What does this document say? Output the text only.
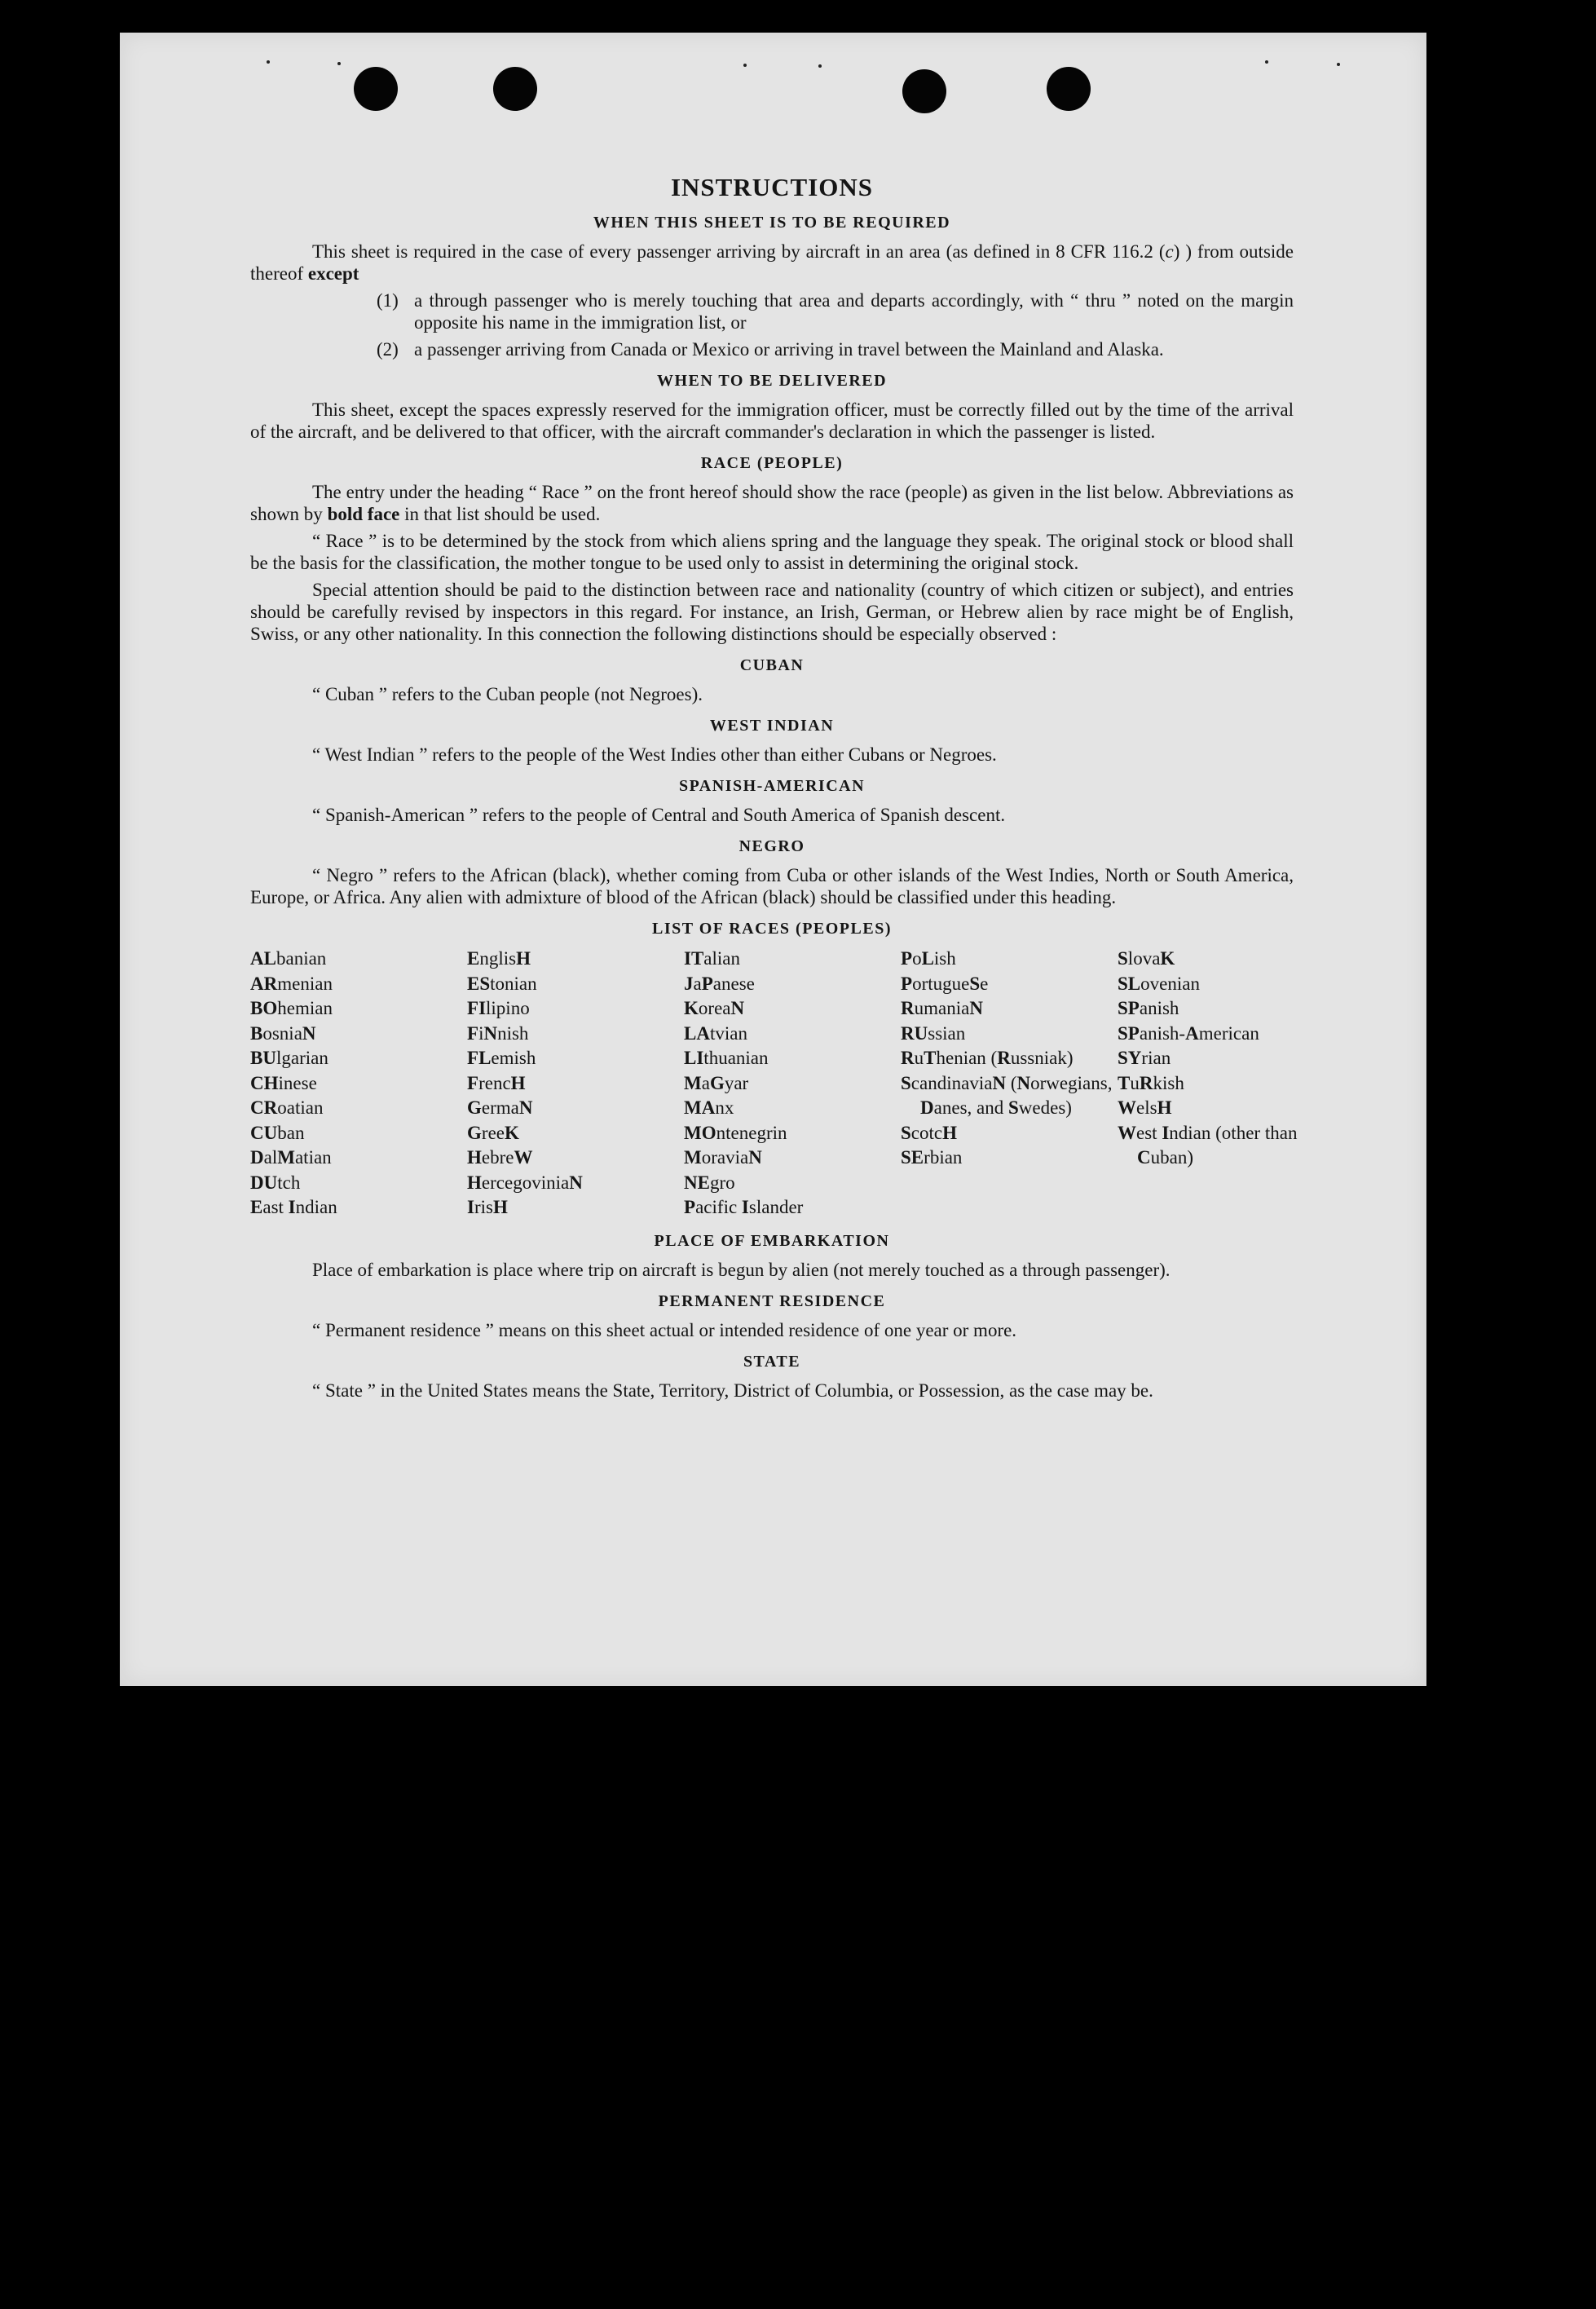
INSTRUCTIONS
WHEN THIS SHEET IS TO BE REQUIRED

This sheet is required in the case of every passenger arriving by aircraft in an area (as defined in 8 CFR 116.2 (c) ) from outside thereof except

(1) a through passenger who is merely touching that area and departs accordingly, with “ thru ” noted on the margin opposite his name in the immigration list, or
(2) a passenger arriving from Canada or Mexico or arriving in travel between the Mainland and Alaska.
WHEN TO BE DELIVERED

This sheet, except the spaces expressly reserved for the immigration officer, must be correctly filled out by the time of the arrival of the aircraft, and be delivered to that officer, with the aircraft commander's declaration in which the passenger is listed.

RACE (PEOPLE)

The entry under the heading “ Race ” on the front hereof should show the race (people) as given in the list below. Abbreviations as shown by bold face in that list should be used.

“ Race ” is to be determined by the stock from which aliens spring and the language they speak. The original stock or blood shall be the basis for the classification, the mother tongue to be used only to assist in determining the original stock.

Special attention should be paid to the distinction between race and nationality (country of which citizen or subject), and entries should be carefully revised by inspectors in this regard. For instance, an Irish, German, or Hebrew alien by race might be of English, Swiss, or any other nationality. In this connection the following distinctions should be especially observed :

CUBAN

“ Cuban ” refers to the Cuban people (not Negroes).

WEST INDIAN

“ West Indian ” refers to the people of the West Indies other than either Cubans or Negroes.

SPANISH-AMERICAN

“ Spanish-American ” refers to the people of Central and South America of Spanish descent.

NEGRO

“ Negro ” refers to the African (black), whether coming from Cuba or other islands of the West Indies, North or South America, Europe, or Africa. Any alien with admixture of blood of the African (black) should be classified under this heading.

LIST OF RACES (PEOPLES)
ALbanian
ARmenian
BOhemian
BosniaN
BUlgarian
CHinese
CRoatian
CUban
DalMatian
DUtch
East Indian
EnglisH
EStonian
FIlipino
FiNnish
FLemish
FrencH
GermaN
GreeK
HebreW
HercegoviniaN
IrisH
ITalian
JaPanese
KoreaN
LAtvian
LIthuanian
MaGyar
MAnx
MOntenegrin
MoraviaN
NEgro
Pacific Islander
PoLish
PortugueSe
RumaniaN
RUssian
RuThenian (Russniak)
ScandinaviaN (Norwegians, Danes, and Swedes)
ScotcH
SErbian
SlovaK
SLovenian
SPanish
SPanish-American
SYrian
TuRkish
WelsH
West Indian (other than Cuban)
PLACE OF EMBARKATION

Place of embarkation is place where trip on aircraft is begun by alien (not merely touched as a through passenger).

PERMANENT RESIDENCE

“ Permanent residence ” means on this sheet actual or intended residence of one year or more.

STATE

“ State ” in the United States means the State, Territory, District of Columbia, or Possession, as the case may be.
